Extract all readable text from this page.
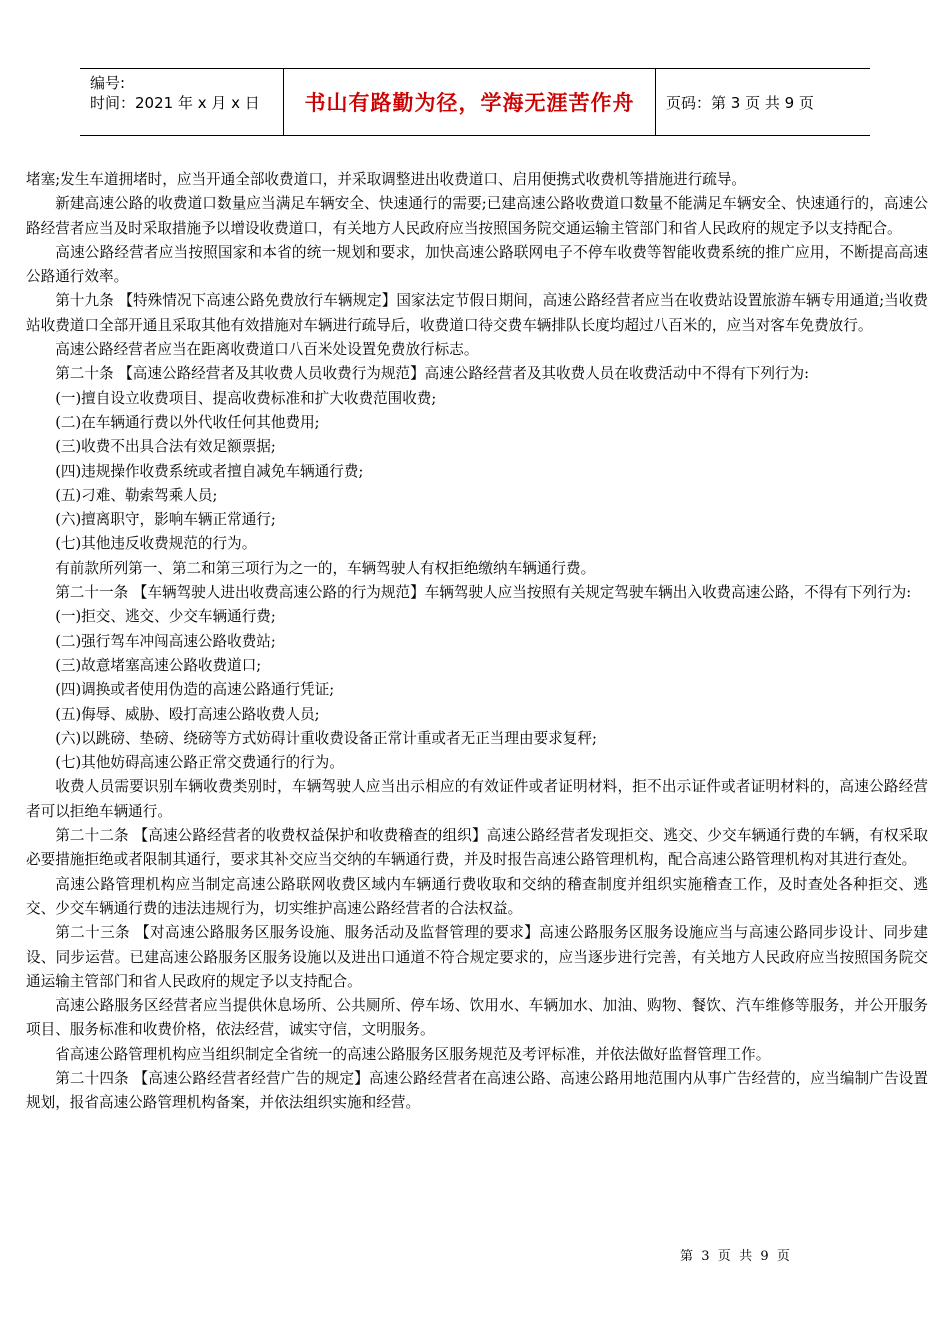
编号:
时间：2021 年 x 月 x 日	书山有路勤为径，学海无涯苦作舟	页码：第 3 页 共 9 页

堵塞;发生车道拥堵时，应当开通全部收费道口，并采取调整进出收费道口、启用便携式收费机等措施进行疏导。

新建高速公路的收费道口数量应当满足车辆安全、快速通行的需要;已建高速公路收费道口数量不能满足车辆安全、快速通行的，高速公路经营者应当及时采取措施予以增设收费道口，有关地方人民政府应当按照国务院交通运输主管部门和省人民政府的规定予以支持配合。

高速公路经营者应当按照国家和本省的统一规划和要求，加快高速公路联网电子不停车收费等智能收费系统的推广应用，不断提高高速公路通行效率。

第十九条 【特殊情况下高速公路免费放行车辆规定】国家法定节假日期间，高速公路经营者应当在收费站设置旅游车辆专用通道;当收费站收费道口全部开通且采取其他有效措施对车辆进行疏导后，收费道口待交费车辆排队长度均超过八百米的，应当对客车免费放行。

高速公路经营者应当在距离收费道口八百米处设置免费放行标志。

第二十条 【高速公路经营者及其收费人员收费行为规范】高速公路经营者及其收费人员在收费活动中不得有下列行为:

(一)擅自设立收费项目、提高收费标准和扩大收费范围收费;

(二)在车辆通行费以外代收任何其他费用;

(三)收费不出具合法有效足额票据;

(四)违规操作收费系统或者擅自减免车辆通行费;

(五)刁难、勒索驾乘人员;

(六)擅离职守，影响车辆正常通行;

(七)其他违反收费规范的行为。

有前款所列第一、第二和第三项行为之一的，车辆驾驶人有权拒绝缴纳车辆通行费。

第二十一条 【车辆驾驶人进出收费高速公路的行为规范】车辆驾驶人应当按照有关规定驾驶车辆出入收费高速公路，不得有下列行为:

(一)拒交、逃交、少交车辆通行费;

(二)强行驾车冲闯高速公路收费站;

(三)故意堵塞高速公路收费道口;

(四)调换或者使用伪造的高速公路通行凭证;

(五)侮辱、威胁、殴打高速公路收费人员;

(六)以跳磅、垫磅、绕磅等方式妨碍计重收费设备正常计重或者无正当理由要求复秤;

(七)其他妨碍高速公路正常交费通行的行为。

收费人员需要识别车辆收费类别时，车辆驾驶人应当出示相应的有效证件或者证明材料，拒不出示证件或者证明材料的，高速公路经营者可以拒绝车辆通行。

第二十二条 【高速公路经营者的收费权益保护和收费稽查的组织】高速公路经营者发现拒交、逃交、少交车辆通行费的车辆，有权采取必要措施拒绝或者限制其通行，要求其补交应当交纳的车辆通行费，并及时报告高速公路管理机构，配合高速公路管理机构对其进行查处。

高速公路管理机构应当制定高速公路联网收费区域内车辆通行费收取和交纳的稽查制度并组织实施稽查工作，及时查处各种拒交、逃交、少交车辆通行费的违法违规行为，切实维护高速公路经营者的合法权益。

第二十三条 【对高速公路服务区服务设施、服务活动及监督管理的要求】高速公路服务区服务设施应当与高速公路同步设计、同步建设、同步运营。已建高速公路服务区服务设施以及进出口通道不符合规定要求的，应当逐步进行完善，有关地方人民政府应当按照国务院交通运输主管部门和省人民政府的规定予以支持配合。

高速公路服务区经营者应当提供休息场所、公共厕所、停车场、饮用水、车辆加水、加油、购物、餐饮、汽车维修等服务，并公开服务项目、服务标准和收费价格，依法经营，诚实守信，文明服务。

省高速公路管理机构应当组织制定全省统一的高速公路服务区服务规范及考评标准，并依法做好监督管理工作。

第二十四条 【高速公路经营者经营广告的规定】高速公路经营者在高速公路、高速公路用地范围内从事广告经营的，应当编制广告设置规划，报省高速公路管理机构备案，并依法组织实施和经营。

第  3  页  共  9  页
